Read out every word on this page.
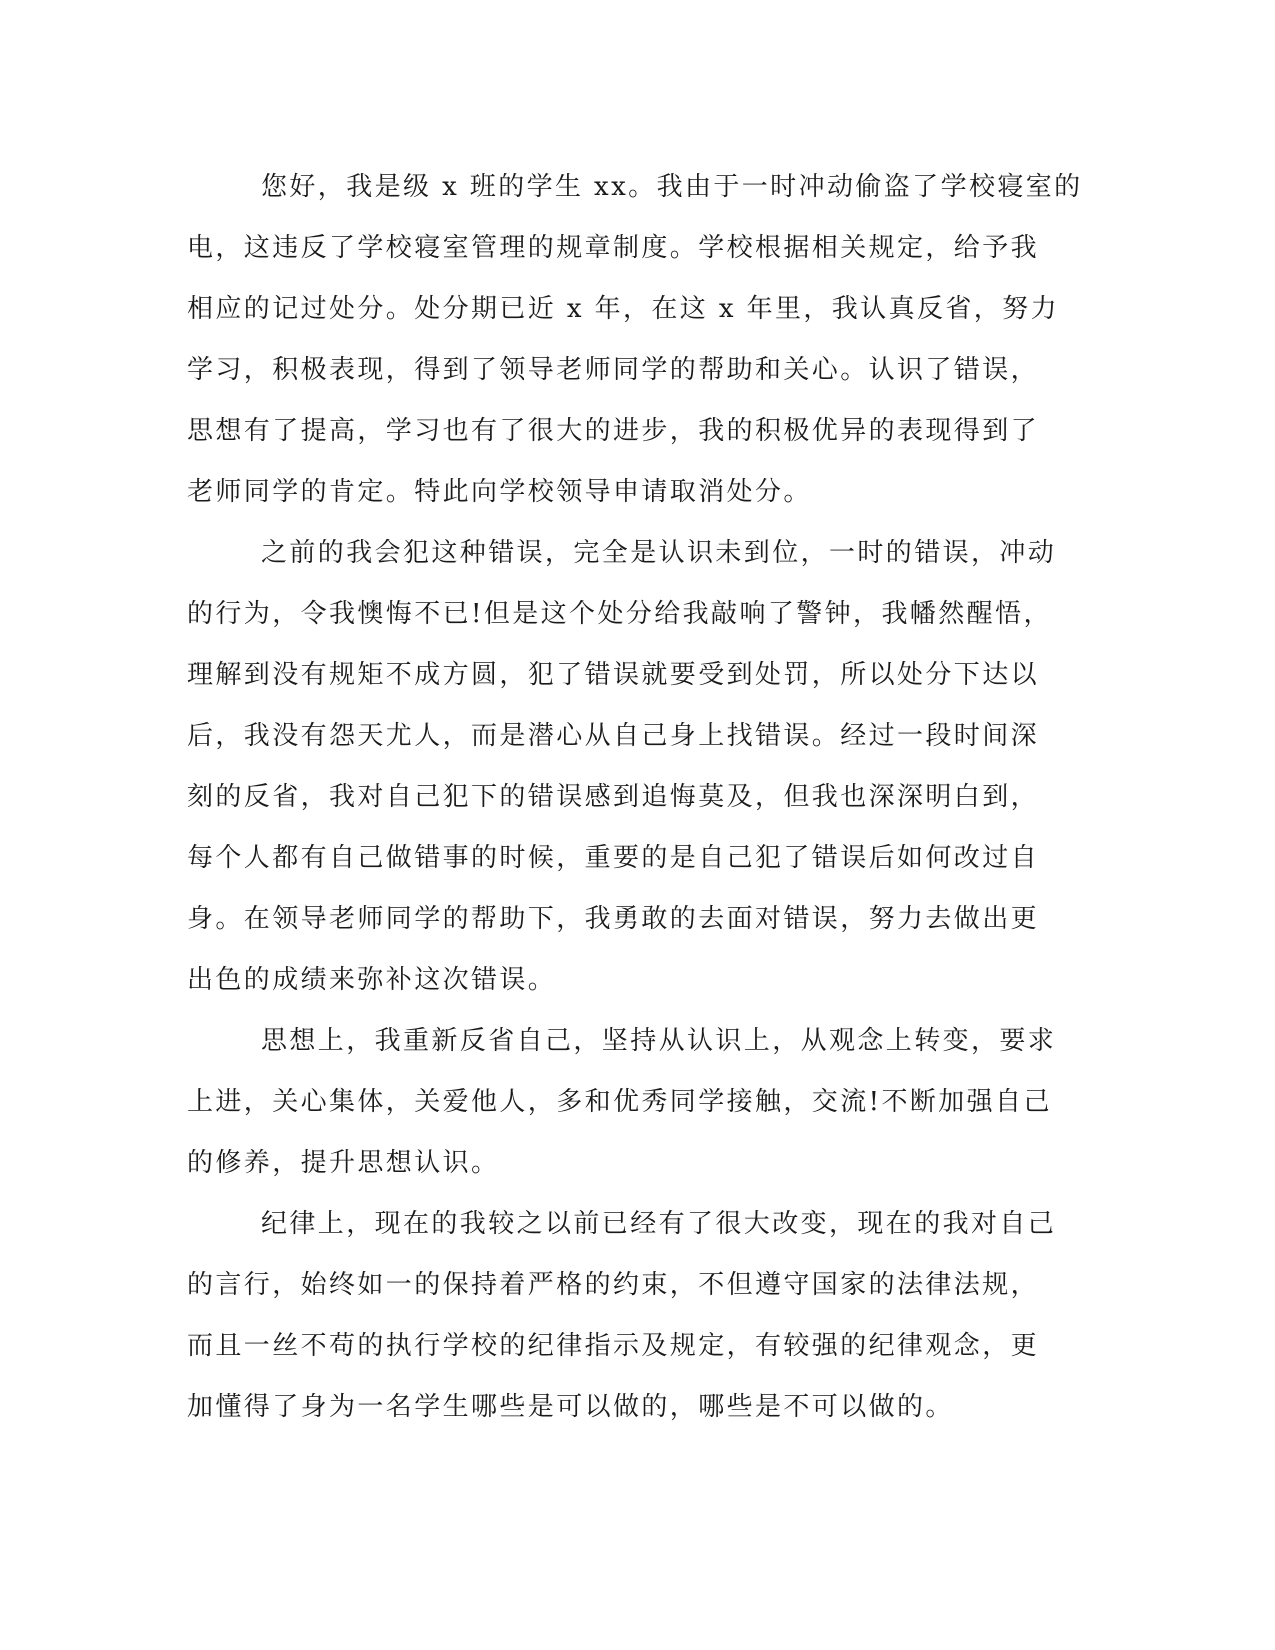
您好，我是级 x 班的学生 xx。我由于一时冲动偷盗了学校寝室的
电，这违反了学校寝室管理的规章制度。学校根据相关规定，给予我
相应的记过处分。处分期已近 x 年，在这 x 年里，我认真反省，努力
学习，积极表现，得到了领导老师同学的帮助和关心。认识了错误，
思想有了提高，学习也有了很大的进步，我的积极优异的表现得到了
老师同学的肯定。特此向学校领导申请取消处分。
之前的我会犯这种错误，完全是认识未到位，一时的错误，冲动
的行为，令我懊悔不已!但是这个处分给我敲响了警钟，我幡然醒悟，
理解到没有规矩不成方圆，犯了错误就要受到处罚，所以处分下达以
后，我没有怨天尤人，而是潜心从自己身上找错误。经过一段时间深
刻的反省，我对自己犯下的错误感到追悔莫及，但我也深深明白到，
每个人都有自己做错事的时候，重要的是自己犯了错误后如何改过自
身。在领导老师同学的帮助下，我勇敢的去面对错误，努力去做出更
出色的成绩来弥补这次错误。
思想上，我重新反省自己，坚持从认识上，从观念上转变，要求
上进，关心集体，关爱他人，多和优秀同学接触，交流!不断加强自己
的修养，提升思想认识。
纪律上，现在的我较之以前已经有了很大改变，现在的我对自己
的言行，始终如一的保持着严格的约束，不但遵守国家的法律法规，
而且一丝不苟的执行学校的纪律指示及规定，有较强的纪律观念，更
加懂得了身为一名学生哪些是可以做的，哪些是不可以做的。
